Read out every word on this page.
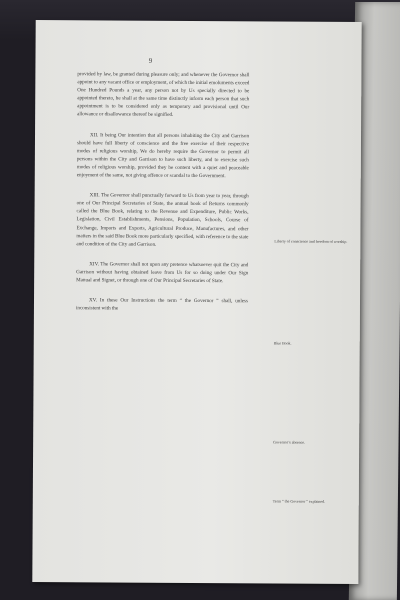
9

provided by law, be granted during pleasure only; and whenever the Governor shall appoint to any vacant office or employment, of which the initial emoluments exceed One Hundred Pounds a year, any person not by Us specially directed to be appointed thereto, he shall at the same time distinctly inform each person that such appointment is to be considered only as temporary and provisional until Our allowance or disallowance thereof be signified.

XII. It being Our intention that all persons inhabiting the City and Garrison should have full liberty of conscience and the free exercise of their respective modes of religious worship, We do hereby require the Governor to permit all persons within the City and Garrison to have such liberty, and to exercise such modes of religious worship, provided they be content with a quiet and peaceable enjoyment of the same, not giving offence or scandal to the Government.

XIII. The Governor shall punctually forward to Us from year to year, through one of Our Principal Secretaries of State, the annual book of Returns commonly called the Blue Book, relating to the Revenue and Expenditure, Public Works, Legislation, Civil Establishments, Pensions, Population, Schools, Course of Exchange, Imports and Exports, Agricultural Produce, Manufactures, and other matters in the said Blue Book more particularly specified, with reference to the state and condition of the City and Garrison.

XIV. The Governor shall not upon any pretence whatsoever quit the City and Garrison without having obtained leave from Us for so doing under Our Sign Manual and Signet, or through one of Our Principal Secretaries of State.

XV. In these Our Instructions the term “ the Governor ” shall, unless inconsistent with the

Liberty of conscience and freedom of worship.
Blue Book.
Governor’s absence.
Term “ the Governor ” explained.
